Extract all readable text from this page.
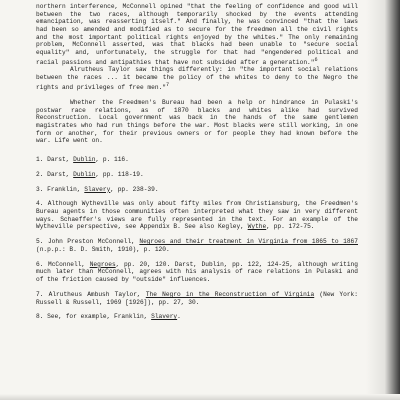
northern interference, McConnell opined "that the feeling of confidence and good will between the two races, although temporarily shocked by the events attending emancipation, was reasserting itself." And finally, he was convinced "that the laws had been so amended and modified as to secure for the freedmen all the civil rights and the most important political rights enjoyed by the whites." The only remaining problem, McConnell asserted, was that blacks had been unable to "secure social equality" and, unfortunately, the struggle for that had "engendered political and racial passions and antipathies that have not subsided after a generation."$^6$

Alrutheus Taylor saw things differently: in "the important social relations between the races ... it became the policy of the whites to deny to the Negro the rights and privileges of free men."$^7$

Whether the Freedmen's Bureau had been a help or hindrance in Pulaski's postwar race relations, as of 1870 blacks and whites alike had survived Reconstruction. Local government was back in the hands of the same gentlemen magistrates who had run things before the war. Most blacks were still working, in one form or another, for their previous owners or for people they had known before the war. Life went on.

1. Darst, Dublin, p. 116.

2. Darst, Dublin, pp. 118-19.

3. Franklin, Slavery, pp. 238-39.

4. Although Wytheville was only about fifty miles from Christiansburg, the Freedmen's Bureau agents in those communities often interpreted what they saw in very different ways. Schaeffer's views are fully represented in the text. For an example of the Wytheville perspective, see Appendix B. See also Kegley, Wythe, pp. 172-75.

5. John Preston McConnell, Negroes and their treatment in Virginia from 1865 to 1867 (n.p.p.: B. D. Smith, 1910), p. 120.

6. McConnell, Negroes, pp. 20, 120. Darst, Dublin, pp. 122, 124-25, although writing much later than McConnell, agrees with his analysis of race relations in Pulaski and of the friction caused by "outside" influences.

7. Alrutheus Ambush Taylor, The Negro in the Reconstruction of Virginia (New York: Russell & Russell, 1969 [1926]), pp. 27, 30.

8. See, for example, Franklin, Slavery.
